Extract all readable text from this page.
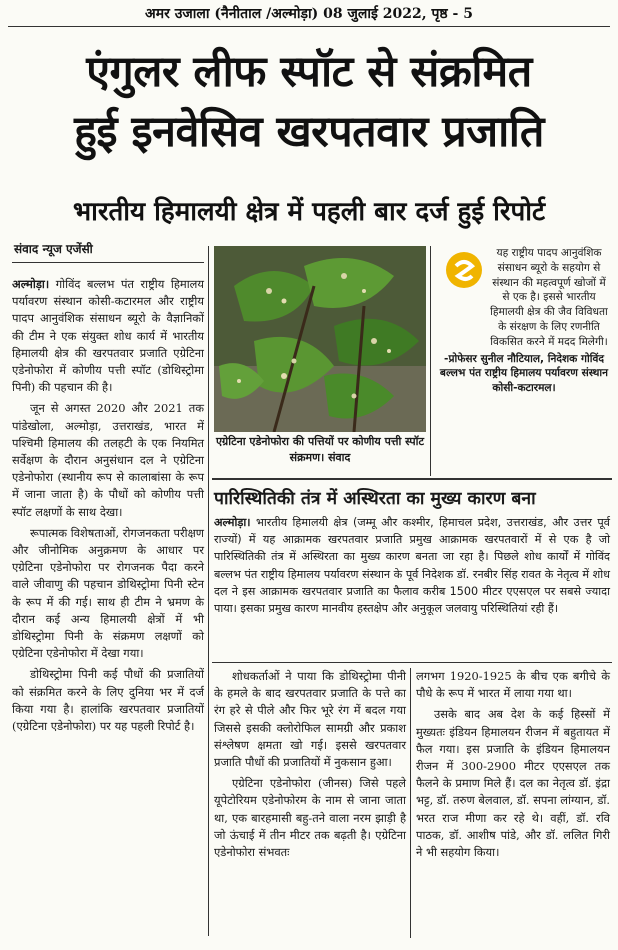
अमर उजाला (नैनीताल /अल्मोड़ा) 08 जुलाई 2022, पृष्ठ - 5
एंगुलर लीफ स्पॉट से संक्रमित
हुई इनवेसिव खरपतवार प्रजाति
भारतीय हिमालयी क्षेत्र में पहली बार दर्ज हुई रिपोर्ट
संवाद न्यूज एजेंसी

अल्मोड़ा। गोविंद बल्लभ पंत राष्ट्रीय हिमालय पर्यावरण संस्थान कोसी-कटारमल और राष्ट्रीय पादप आनुवंशिक संसाधन ब्यूरो के वैज्ञानिकों की टीम ने एक संयुक्त शोध कार्य में भारतीय हिमालयी क्षेत्र की खरपतवार प्रजाति एग्रेटिना एडेनोफोरा में कोणीय पत्ती स्पॉट (डोथिस्ट्रोमा पिनी) की पहचान की है।

जून से अगस्त 2020 और 2021 तक पांडेखोला, अल्मोड़ा, उत्तराखंड, भारत में पश्चिमी हिमालय की तलहटी के एक नियमित सर्वेक्षण के दौरान अनुसंधान दल ने एग्रेटिना एडेनोफोरा (स्थानीय रूप से कालाबांसा के रूप में जाना जाता है) के पौधों को कोणीय पत्ती स्पॉट लक्षणों के साथ देखा।

रूपात्मक विशेषताओं, रोगजनकता परीक्षण और जीनोमिक अनुक्रमण के आधार पर एग्रेटिना एडेनोफोरा पर रोगजनक पैदा करने वाले जीवाणु की पहचान डोथिस्ट्रोमा पिनी स्टेन के रूप में की गई। साथ ही टीम ने भ्रमण के दौरान कई अन्य हिमालयी क्षेत्रों में भी डोथिस्ट्रोमा पिनी के संक्रमण लक्षणों को एग्रेटिना एडेनोफोरा में देखा गया।

डोथिस्ट्रोमा पिनी कई पौधों की प्रजातियों को संक्रमित करने के लिए दुनिया भर में दर्ज किया गया है। हालांकि खरपतवार प्रजातियों (एग्रेटिना एडेनोफोरा) पर यह पहली रिपोर्ट है।

एग्रेटिना एडेनोफोरा की पत्तियों पर कोणीय पत्ती स्पॉट संक्रमण। संवाद
यह राष्ट्रीय पादप आनुवंशिक संसाधन ब्यूरो के सहयोग से संस्थान की महत्वपूर्ण खोजों में से एक है। इससे भारतीय हिमालयी क्षेत्र की जैव विविधता के संरक्षण के लिए रणनीति विकसित करने में मदद मिलेगी।
-प्रोफेसर सुनील नौटियाल, निदेशक गोविंद बल्लभ पंत राष्ट्रीय हिमालय पर्यावरण संस्थान कोसी-कटारमल।
पारिस्थितिकी तंत्र में अस्थिरता का मुख्य कारण बना
अल्मोड़ा। भारतीय हिमालयी क्षेत्र (जम्मू और कश्मीर, हिमाचल प्रदेश, उत्तराखंड, और उत्तर पूर्व राज्यों) में यह आक्रामक खरपतवार प्रजाति प्रमुख आक्रामक खरपतवारों में से एक है जो पारिस्थितिकी तंत्र में अस्थिरता का मुख्य कारण बनता जा रहा है। पिछले शोध कार्यों में गोविंद बल्लभ पंत राष्ट्रीय हिमालय पर्यावरण संस्थान के पूर्व निदेशक डॉ. रनबीर सिंह रावत के नेतृत्व में शोध दल ने इस आक्रामक खरपतवार प्रजाति का फैलाव करीब 1500 मीटर एएसएल पर सबसे ज्यादा पाया। इसका प्रमुख कारण मानवीय हस्तक्षेप और अनुकूल जलवायु परिस्थितियां रही हैं।

शोधकर्ताओं ने पाया कि डोथिस्ट्रोमा पीनी के हमले के बाद खरपतवार प्रजाति के पत्ते का रंग हरे से पीले और फिर भूरे रंग में बदल गया जिससे इसकी क्लोरोफिल सामग्री और प्रकाश संश्लेषण क्षमता खो गई। इससे खरपतवार प्रजाति पौधों की प्रजातियों में नुकसान हुआ।

एग्रेटिना एडेनोफोरा (जीनस) जिसे पहले यूपेटोरियम एडेनोफोरम के नाम से जाना जाता था, एक बारहमासी बहु-तने वाला नरम झाड़ी है जो ऊंचाई में तीन मीटर तक बढ़ती है। एग्रेटिना एडेनोफोरा संभवतः

लगभग 1920-1925 के बीच एक बगीचे के पौधे के रूप में भारत में लाया गया था।

उसके बाद अब देश के कई हिस्सों में मुख्यतः इंडियन हिमालयन रीजन में बहुतायत में फैल गया। इस प्रजाति के इंडियन हिमालयन रीजन में 300-2900 मीटर एएसएल तक फैलने के प्रमाण मिले हैं। दल का नेतृत्व डॉ. इंद्रा भट्ट, डॉ. तरुण बेलवाल, डॉ. सपना लांग्यान, डॉ. भरत राज मीणा कर रहे थे। वहीं, डॉ. रवि पाठक, डॉ. आशीष पांडे, और डॉ. ललित गिरी ने भी सहयोग किया।
